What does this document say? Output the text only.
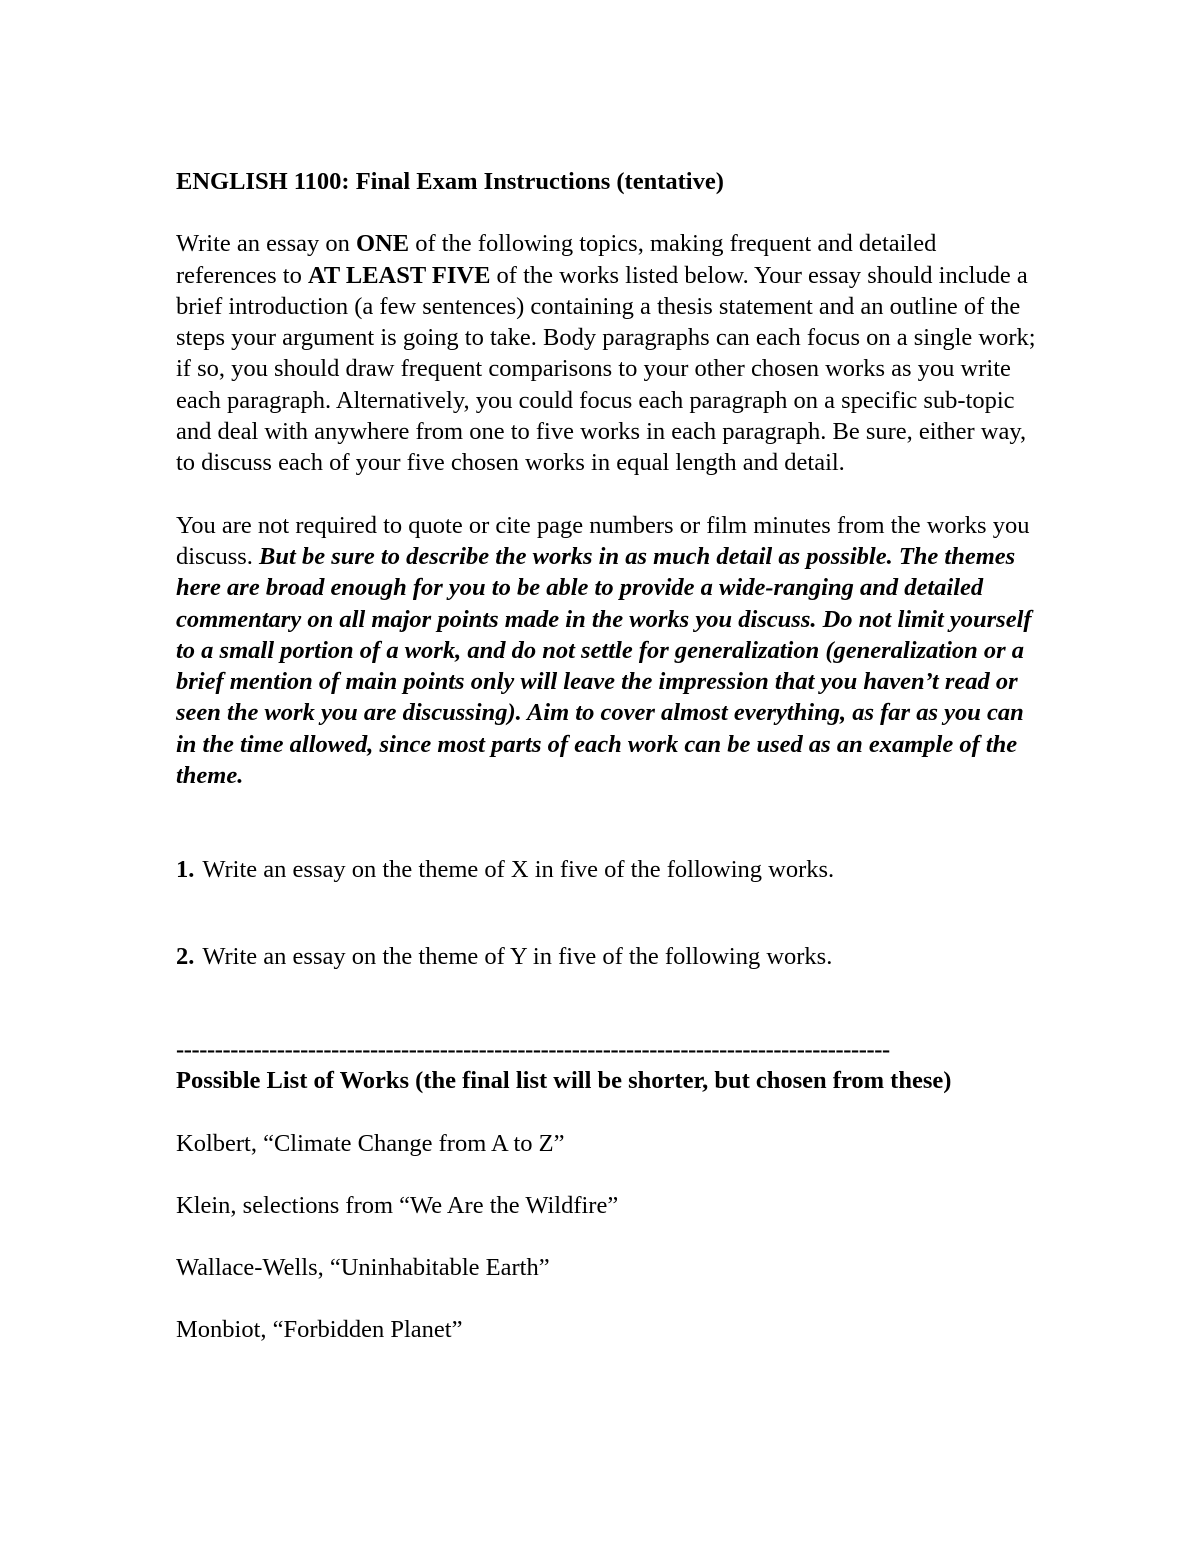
ENGLISH 1100: Final Exam Instructions (tentative)

Write an essay on ONE of the following topics, making frequent and detailed references to AT LEAST FIVE of the works listed below. Your essay should include a brief introduction (a few sentences) containing a thesis statement and an outline of the steps your argument is going to take. Body paragraphs can each focus on a single work; if so, you should draw frequent comparisons to your other chosen works as you write each paragraph. Alternatively, you could focus each paragraph on a specific sub-topic and deal with anywhere from one to five works in each paragraph. Be sure, either way, to discuss each of your five chosen works in equal length and detail.

You are not required to quote or cite page numbers or film minutes from the works you discuss. But be sure to describe the works in as much detail as possible. The themes here are broad enough for you to be able to provide a wide-ranging and detailed commentary on all major points made in the works you discuss. Do not limit yourself to a small portion of a work, and do not settle for generalization (generalization or a brief mention of main points only will leave the impression that you haven’t read or seen the work you are discussing). Aim to cover almost everything, as far as you can in the time allowed, since most parts of each work can be used as an example of the theme.

1. Write an essay on the theme of X in five of the following works.

2. Write an essay on the theme of Y in five of the following works.

--------------------------------------------------------------------------------------------

Possible List of Works (the final list will be shorter, but chosen from these)

Kolbert, “Climate Change from A to Z”

Klein, selections from “We Are the Wildfire”

Wallace-Wells, “Uninhabitable Earth”

Monbiot, “Forbidden Planet”
